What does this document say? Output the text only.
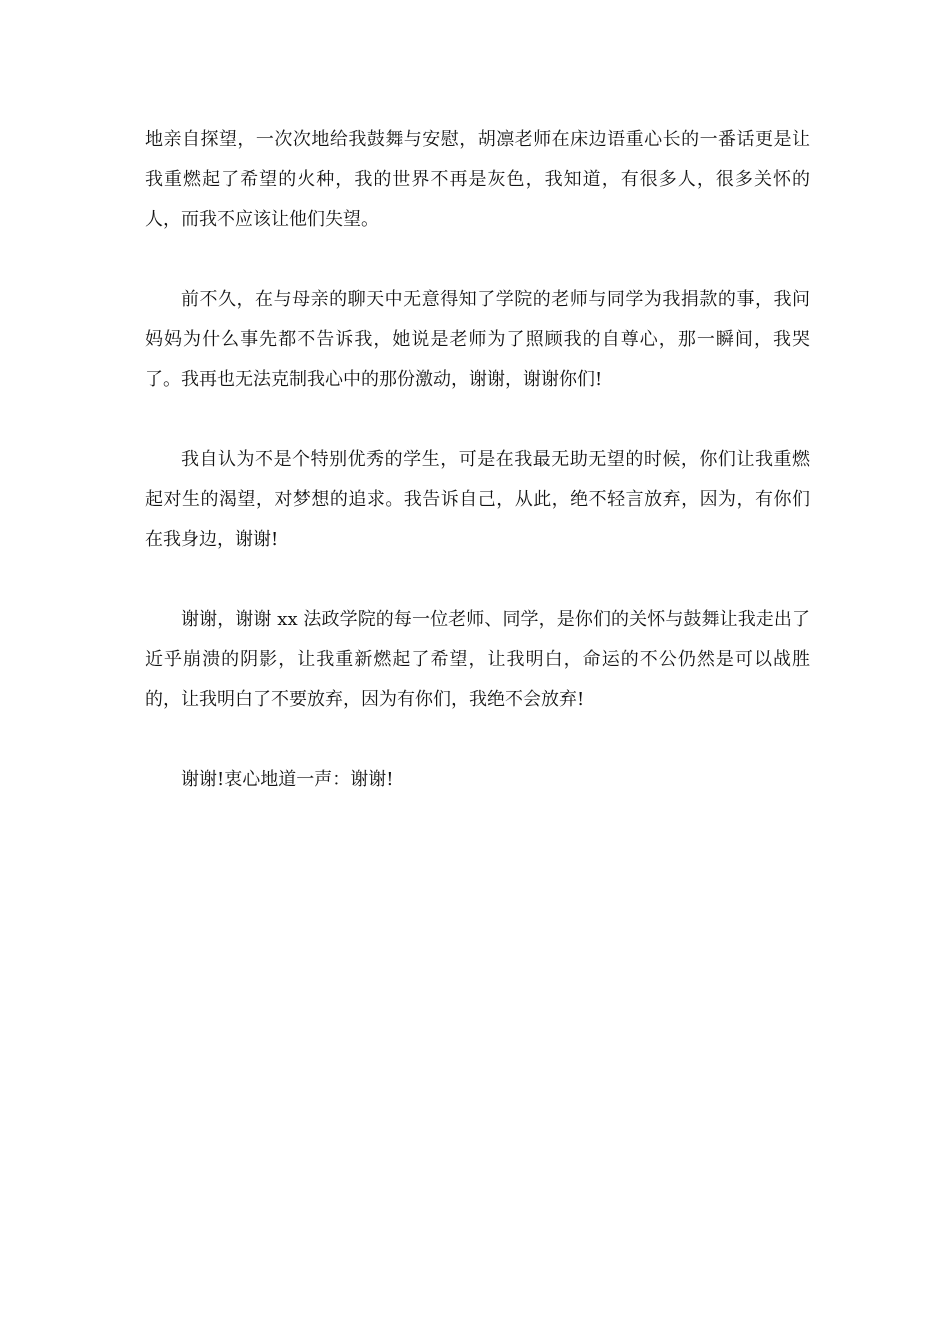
地亲自探望，一次次地给我鼓舞与安慰，胡凛老师在床边语重心长的一番话更是让我重燃起了希望的火种，我的世界不再是灰色，我知道，有很多人，很多关怀的人，而我不应该让他们失望。

前不久，在与母亲的聊天中无意得知了学院的老师与同学为我捐款的事，我问妈妈为什么事先都不告诉我，她说是老师为了照顾我的自尊心，那一瞬间，我哭了。我再也无法克制我心中的那份激动，谢谢，谢谢你们!

我自认为不是个特别优秀的学生，可是在我最无助无望的时候，你们让我重燃起对生的渴望，对梦想的追求。我告诉自己，从此，绝不轻言放弃，因为，有你们在我身边，谢谢!

谢谢，谢谢 xx 法政学院的每一位老师、同学，是你们的关怀与鼓舞让我走出了近乎崩溃的阴影，让我重新燃起了希望，让我明白，命运的不公仍然是可以战胜的，让我明白了不要放弃，因为有你们，我绝不会放弃!

谢谢!衷心地道一声：谢谢!
